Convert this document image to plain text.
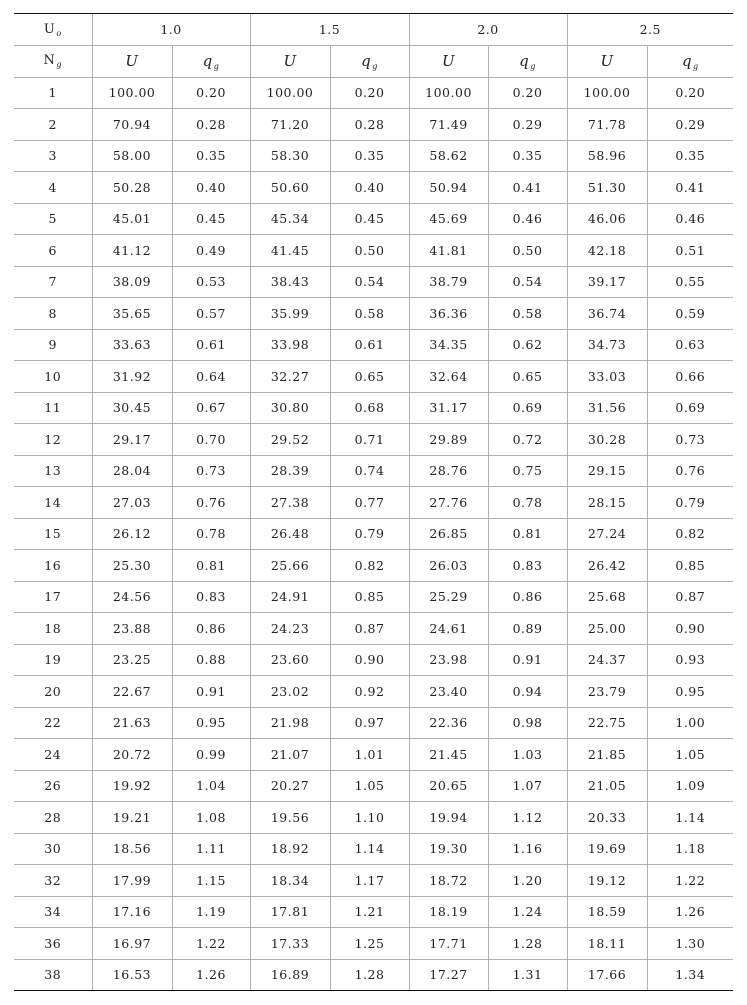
$U_o$	1.0		1.5		2.0		2.5	
$N_g$	U	$q_g$	U	$q_g$	U	$q_g$	U	$q_g$
1	100.00	0.20	100.00	0.20	100.00	0.20	100.00	0.20
2	70.94	0.28	71.20	0.28	71.49	0.29	71.78	0.29
3	58.00	0.35	58.30	0.35	58.62	0.35	58.96	0.35
4	50.28	0.40	50.60	0.40	50.94	0.41	51.30	0.41
5	45.01	0.45	45.34	0.45	45.69	0.46	46.06	0.46
6	41.12	0.49	41.45	0.50	41.81	0.50	42.18	0.51
7	38.09	0.53	38.43	0.54	38.79	0.54	39.17	0.55
8	35.65	0.57	35.99	0.58	36.36	0.58	36.74	0.59
9	33.63	0.61	33.98	0.61	34.35	0.62	34.73	0.63
10	31.92	0.64	32.27	0.65	32.64	0.65	33.03	0.66
11	30.45	0.67	30.80	0.68	31.17	0.69	31.56	0.69
12	29.17	0.70	29.52	0.71	29.89	0.72	30.28	0.73
13	28.04	0.73	28.39	0.74	28.76	0.75	29.15	0.76
14	27.03	0.76	27.38	0.77	27.76	0.78	28.15	0.79
15	26.12	0.78	26.48	0.79	26.85	0.81	27.24	0.82
16	25.30	0.81	25.66	0.82	26.03	0.83	26.42	0.85
17	24.56	0.83	24.91	0.85	25.29	0.86	25.68	0.87
18	23.88	0.86	24.23	0.87	24.61	0.89	25.00	0.90
19	23.25	0.88	23.60	0.90	23.98	0.91	24.37	0.93
20	22.67	0.91	23.02	0.92	23.40	0.94	23.79	0.95
22	21.63	0.95	21.98	0.97	22.36	0.98	22.75	1.00
24	20.72	0.99	21.07	1.01	21.45	1.03	21.85	1.05
26	19.92	1.04	20.27	1.05	20.65	1.07	21.05	1.09
28	19.21	1.08	19.56	1.10	19.94	1.12	20.33	1.14
30	18.56	1.11	18.92	1.14	19.30	1.16	19.69	1.18
32	17.99	1.15	18.34	1.17	18.72	1.20	19.12	1.22
34	17.16	1.19	17.81	1.21	18.19	1.24	18.59	1.26
36	16.97	1.22	17.33	1.25	17.71	1.28	18.11	1.30
38	16.53	1.26	16.89	1.28	17.27	1.31	17.66	1.34
